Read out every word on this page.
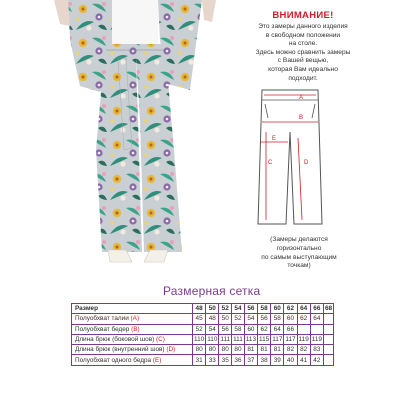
ВНИМАНИЕ!
Это замеры данного изделия
в свободном положении
на столе.
Здесь можно сравнить замеры
с Вашей вещью,
которая Вам идеально
подходит.
A
B
C	D
E
(Замеры делаются
горизонтально
по самым выступающим
точкам)
Размерная сетка
Размер	48	50	52	54	56	58	60	62	64	66	68
Полуобхват талии (A)	45	48	50	52	54	56	58	60	62	64	
Полуобхват бедер (B)	52	54	56	58	60	62	64	66			
Длина брюк (боковой шов) (C)	110	110	111	111	113	115	117	117	119	119	
Длина брюк (внутренний шов) (D)	80	80	80	80	81	81	81	82	82	83	
Полуобхват одного бедра (E)	31	33	35	36	37	38	39	40	41	42	
